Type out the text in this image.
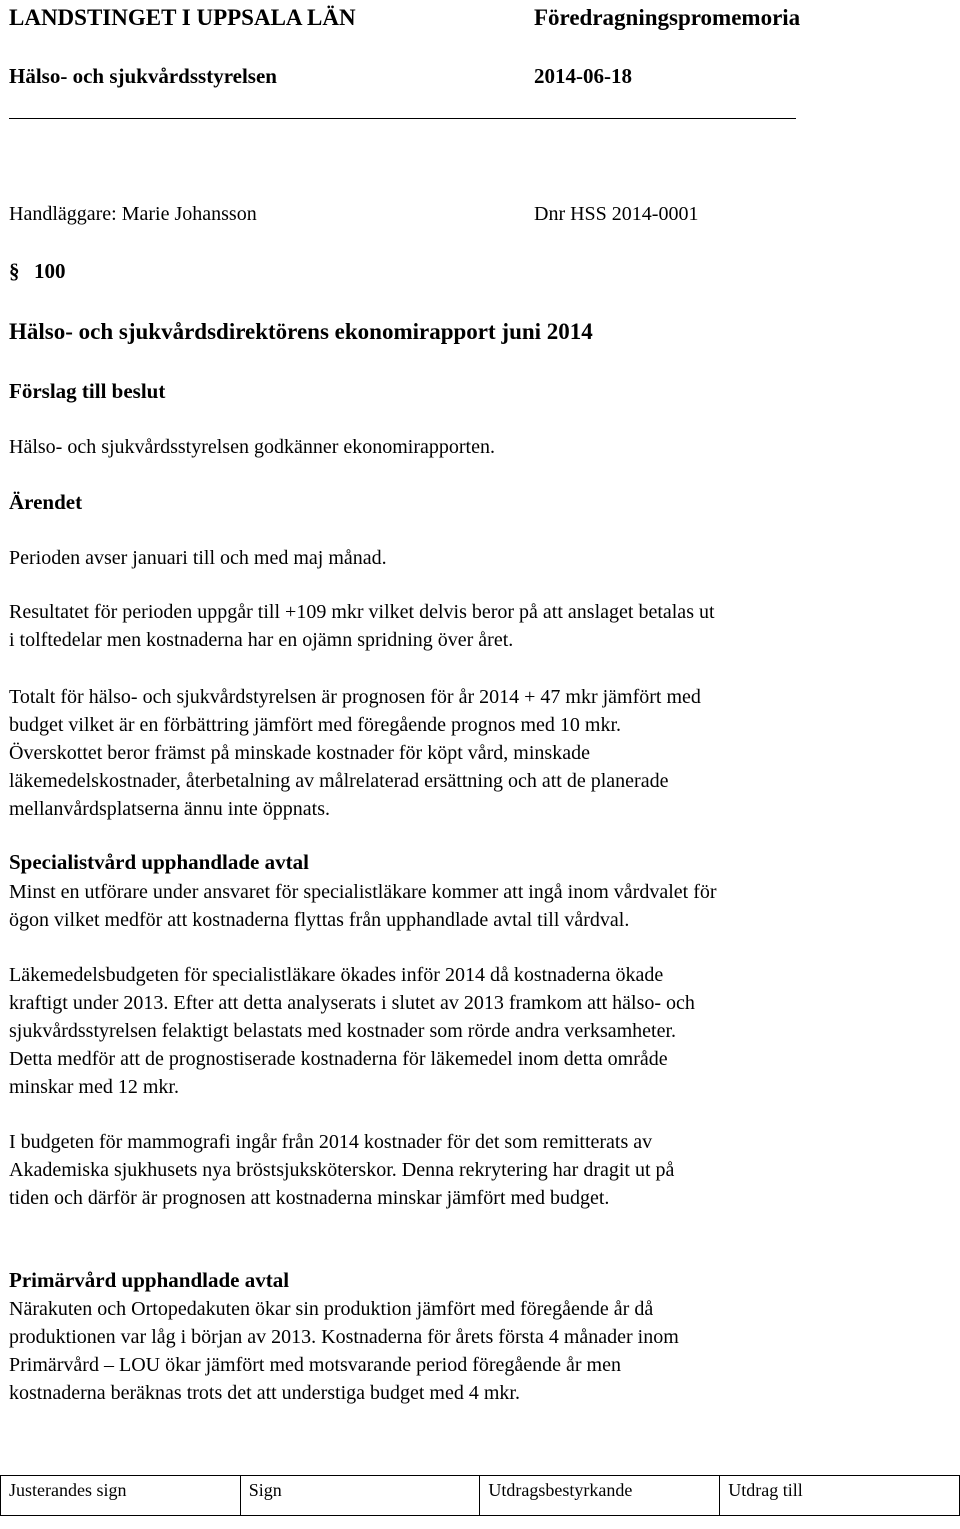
LANDSTINGET I UPPSALA LÄN	Föredragningspromemoria
Hälso- och sjukvårdsstyrelsen	2014-06-18
Handläggare: Marie Johansson	Dnr HSS 2014-0001
§ 100
Hälso- och sjukvårdsdirektörens ekonomirapport juni 2014
Förslag till beslut
Hälso- och sjukvårdsstyrelsen godkänner ekonomirapporten.
Ärendet
Perioden avser januari till och med maj månad.
Resultatet för perioden uppgår till +109 mkr vilket delvis beror på att anslaget betalas ut
i tolftedelar men kostnaderna har en ojämn spridning över året.
Totalt för hälso- och sjukvårdstyrelsen är prognosen för år 2014 + 47 mkr jämfört med
budget vilket är en förbättring jämfört med föregående prognos med 10 mkr.
Överskottet beror främst på minskade kostnader för köpt vård, minskade
läkemedelskostnader, återbetalning av målrelaterad ersättning och att de planerade
mellanvårdsplatserna ännu inte öppnats.
Specialistvård upphandlade avtal
Minst en utförare under ansvaret för specialistläkare kommer att ingå inom vårdvalet för
ögon vilket medför att kostnaderna flyttas från upphandlade avtal till vårdval.
Läkemedelsbudgeten för specialistläkare ökades inför 2014 då kostnaderna ökade
kraftigt under 2013. Efter att detta analyserats i slutet av 2013 framkom att hälso- och
sjukvårdsstyrelsen felaktigt belastats med kostnader som rörde andra verksamheter.
Detta medför att de prognostiserade kostnaderna för läkemedel inom detta område
minskar med 12 mkr.
I budgeten för mammografi ingår från 2014 kostnader för det som remitterats av
Akademiska sjukhusets nya bröstsjuksköterskor. Denna rekrytering har dragit ut på
tiden och därför är prognosen att kostnaderna minskar jämfört med budget.
Primärvård upphandlade avtal
Närakuten och Ortopedakuten ökar sin produktion jämfört med föregående år då
produktionen var låg i början av 2013. Kostnaderna för årets första 4 månader inom
Primärvård – LOU ökar jämfört med motsvarande period föregående år men
kostnaderna beräknas trots det att understiga budget med 4 mkr.
Justerandes sign	Sign	Utdragsbestyrkande	Utdrag till
